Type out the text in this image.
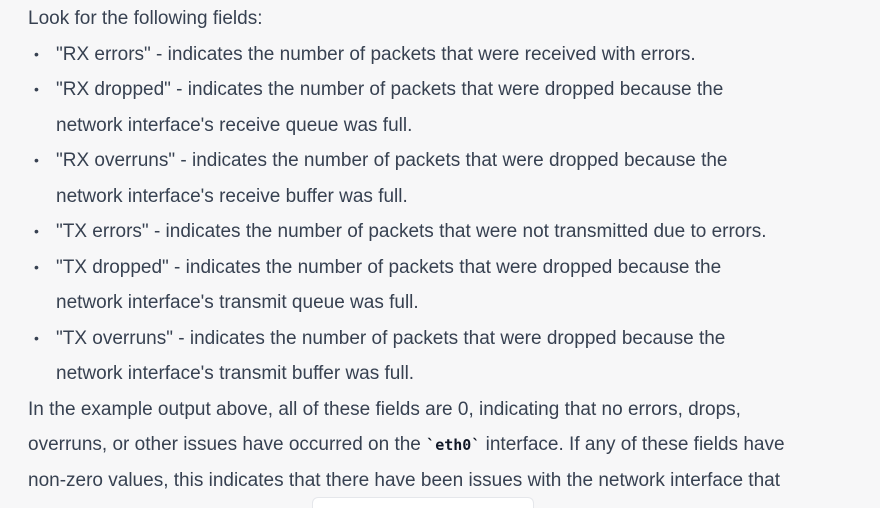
Look for the following fields:
• "RX errors" - indicates the number of packets that were received with errors.
• "RX dropped" - indicates the number of packets that were dropped because the
network interface's receive queue was full.
• "RX overruns" - indicates the number of packets that were dropped because the
network interface's receive buffer was full.
• "TX errors" - indicates the number of packets that were not transmitted due to errors.
• "TX dropped" - indicates the number of packets that were dropped because the
network interface's transmit queue was full.
• "TX overruns" - indicates the number of packets that were dropped because the
network interface's transmit buffer was full.
In the example output above, all of these fields are 0, indicating that no errors, drops,
overruns, or other issues have occurred on the `eth0` interface. If any of these fields have
non-zero values, this indicates that there have been issues with the network interface that
